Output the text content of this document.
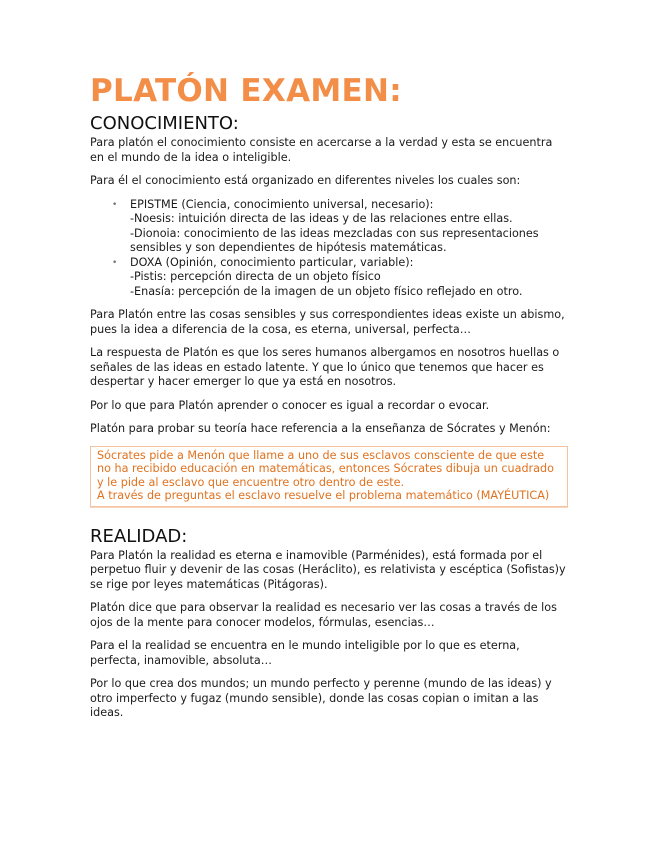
PLATÓN EXAMEN:
CONOCIMIENTO:

Para platón el conocimiento consiste en acercarse a la verdad y esta se encuentra en el mundo de la idea o inteligible.

Para él el conocimiento está organizado en diferentes niveles los cuales son:

• EPISTME (Ciencia, conocimiento universal, necesario):
-Noesis: intuición directa de las ideas y de las relaciones entre ellas.
-Dionoia: conocimiento de las ideas mezcladas con sus representaciones sensibles y son dependientes de hipótesis matemáticas.
• DOXA (Opinión, conocimiento particular, variable):
-Pistis: percepción directa de un objeto físico
-Enasía: percepción de la imagen de un objeto físico reflejado en otro.

Para Platón entre las cosas sensibles y sus correspondientes ideas existe un abismo, pues la idea a diferencia de la cosa, es eterna, universal, perfecta…

La respuesta de Platón es que los seres humanos albergamos en nosotros huellas o señales de las ideas en estado latente. Y que lo único que tenemos que hacer es despertar y hacer emerger lo que ya está en nosotros.

Por lo que para Platón aprender o conocer es igual a recordar o evocar.

Platón para probar su teoría hace referencia a la enseñanza de Sócrates y Menón:

Sócrates pide a Menón que llame a uno de sus esclavos consciente de que este no ha recibido educación en matemáticas, entonces Sócrates dibuja un cuadrado y le pide al esclavo que encuentre otro dentro de este.

A través de preguntas el esclavo resuelve el problema matemático (MAYÉUTICA)

REALIDAD:

Para Platón la realidad es eterna e inamovible (Parménides), está formada por el perpetuo fluir y devenir de las cosas (Heráclito), es relativista y escéptica (Sofistas)y se rige por leyes matemáticas (Pitágoras).

Platón dice que para observar la realidad es necesario ver las cosas a través de los ojos de la mente para conocer modelos, fórmulas, esencias…

Para el la realidad se encuentra en le mundo inteligible por lo que es eterna, perfecta, inamovible, absoluta…

Por lo que crea dos mundos; un mundo perfecto y perenne (mundo de las ideas) y otro imperfecto y fugaz (mundo sensible), donde las cosas copian o imitan a las ideas.
